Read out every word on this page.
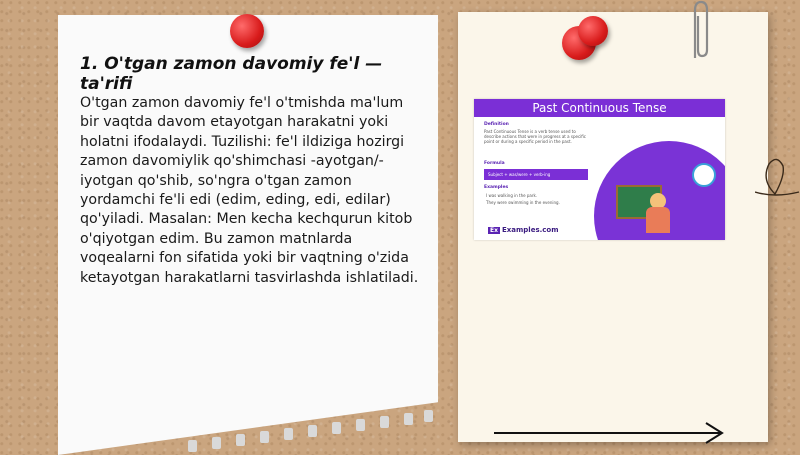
1. O'tgan zamon davomiy fe'l — ta'rifi
O'tgan zamon davomiy fe'l o'tmishda ma'lum bir vaqtda davom etayotgan harakatni yoki holatni ifodalaydi. Tuzilishi: fe'l ildiziga hozirgi zamon davomiylik qo'shimchasi -ayotgan/-iyotgan qo'shib, so'ngra o'tgan zamon yordamchi fe'li edi (edim, eding, edi, edilar) qo'yiladi. Masalan: Men kecha kechqurun kitob o'qiyotgan edim. Bu zamon matnlarda voqealarni fon sifatida yoki bir vaqtning o'zida ketayotgan harakatlarni tasvirlashda ishlatiladi.
Past Continuous Tense
Definition
Past Continuous Tense is a verb tense used to describe actions that were in progress at a specific point or during a specific period in the past.
Formula
Subject + was/were + verb-ing
Examples
I was walking in the park.
They were swimming in the evening.
Ex Examples.com
